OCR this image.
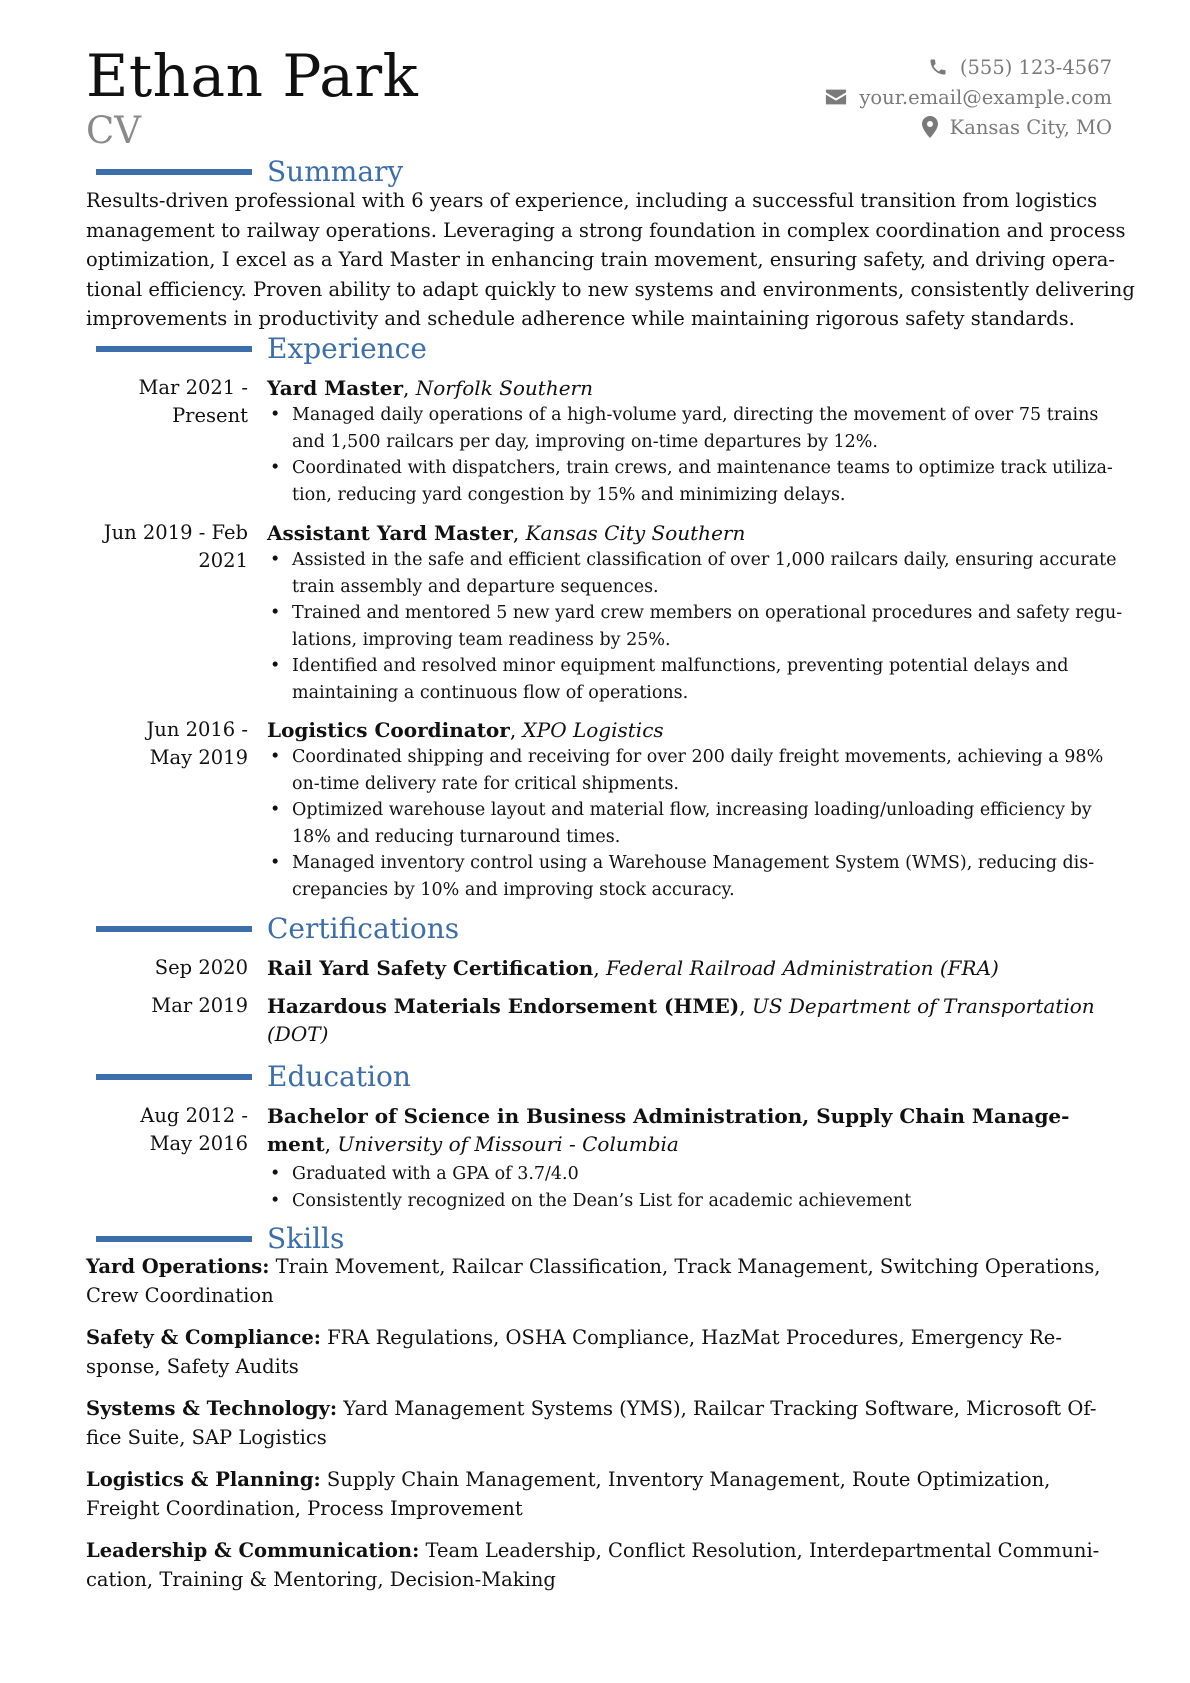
Ethan Park
CV
(555) 123-4567
your.email@example.com
Kansas City, MO
Summary
Results-driven professional with 6 years of experience, including a successful transition from logistics
management to railway operations. Leveraging a strong foundation in complex coordination and process
optimization, I excel as a Yard Master in enhancing train movement, ensuring safety, and driving opera-
tional efficiency. Proven ability to adapt quickly to new systems and environments, consistently delivering
improvements in productivity and schedule adherence while maintaining rigorous safety standards.
Experience
Mar 2021 -
Present
Yard Master, Norfolk Southern
• Managed daily operations of a high-volume yard, directing the movement of over 75 trains
and 1,500 railcars per day, improving on-time departures by 12%.
• Coordinated with dispatchers, train crews, and maintenance teams to optimize track utiliza-
tion, reducing yard congestion by 15% and minimizing delays.
Jun 2019 - Feb
2021
Assistant Yard Master, Kansas City Southern
• Assisted in the safe and efficient classification of over 1,000 railcars daily, ensuring accurate
train assembly and departure sequences.
• Trained and mentored 5 new yard crew members on operational procedures and safety regu-
lations, improving team readiness by 25%.
• Identified and resolved minor equipment malfunctions, preventing potential delays and
maintaining a continuous flow of operations.
Jun 2016 -
May 2019
Logistics Coordinator, XPO Logistics
• Coordinated shipping and receiving for over 200 daily freight movements, achieving a 98%
on-time delivery rate for critical shipments.
• Optimized warehouse layout and material flow, increasing loading/unloading efficiency by
18% and reducing turnaround times.
• Managed inventory control using a Warehouse Management System (WMS), reducing dis-
crepancies by 10% and improving stock accuracy.
Certifications
Sep 2020 Rail Yard Safety Certification, Federal Railroad Administration (FRA)
Mar 2019 Hazardous Materials Endorsement (HME), US Department of Transportation
(DOT)
Education
Aug 2012 -
May 2016
Bachelor of Science in Business Administration, Supply Chain Manage-
ment, University of Missouri - Columbia
• Graduated with a GPA of 3.7/4.0
• Consistently recognized on the Dean’s List for academic achievement
Skills
Yard Operations: Train Movement, Railcar Classification, Track Management, Switching Operations,
Crew Coordination
Safety & Compliance: FRA Regulations, OSHA Compliance, HazMat Procedures, Emergency Re-
sponse, Safety Audits
Systems & Technology: Yard Management Systems (YMS), Railcar Tracking Software, Microsoft Of-
fice Suite, SAP Logistics
Logistics & Planning: Supply Chain Management, Inventory Management, Route Optimization,
Freight Coordination, Process Improvement
Leadership & Communication: Team Leadership, Conflict Resolution, Interdepartmental Communi-
cation, Training & Mentoring, Decision-Making
